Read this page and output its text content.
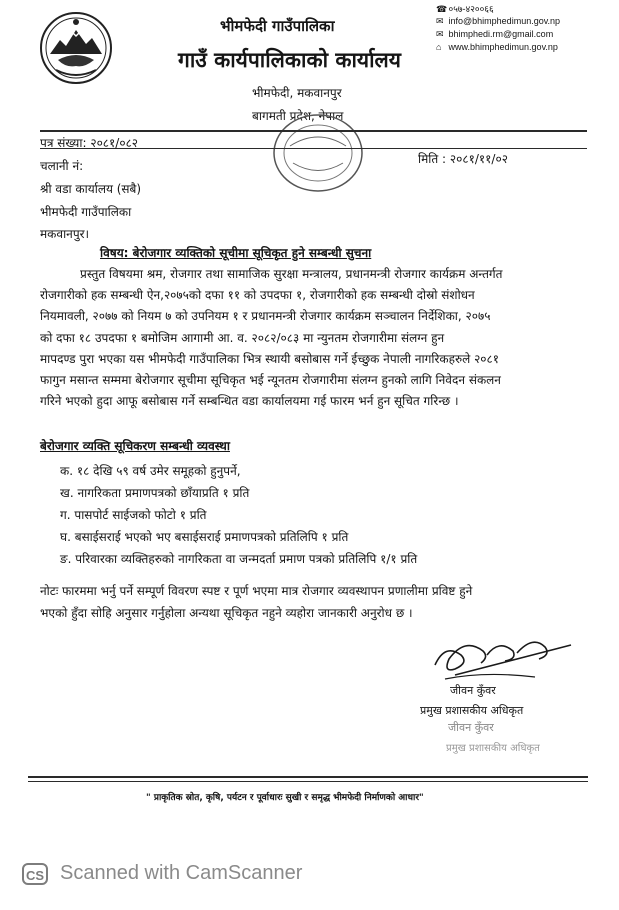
भीमफेदी गाउँपालिका
गाउँ कार्यपालिकाको कार्यालय
भीमफेदी, मकवानपुर
बागमती प्रदेश, नेपाल
☎ ०५७-४२००६६
✉ info@bhimphedimun.gov.np
✉ bhimphedi.rm@gmail.com
⌂ www.bhimphedimun.gov.np
पत्र संख्या: २०८१/०८२
चलानी नं:	मिति : २०८१/११/०२
श्री वडा कार्यालय (सबै)
भीमफेदी गाउँपालिका
मकवानपुर।
विषय: बेरोजगार व्यक्तिको सूचीमा सूचिकृत हुने सम्बन्धी सुचना
प्रस्तुत विषयमा श्रम, रोजगार तथा सामाजिक सुरक्षा मन्त्रालय, प्रधानमन्त्री रोजगार कार्यक्रम अन्तर्गत
रोजगारीको हक सम्बन्धी ऐन,२०७५को दफा ११ को उपदफा १, रोजगारीको हक सम्बन्धी दोस्रो संशोधन
नियमावली, २०७७ को नियम ७ को उपनियम १ र प्रधानमन्त्री रोजगार कार्यक्रम सञ्चालन निर्देशिका, २०७५
को दफा १८ उपदफा १ बमोजिम आगामी आ. व. २०८२/०८३ मा न्युनतम रोजगारीमा संलग्न हुन
मापदण्ड पुरा भएका यस भीमफेदी गाउँपालिका भित्र स्थायी बसोबास गर्ने ईच्छुक नेपाली नागरिकहरुले २०८१
फागुन मसान्त सम्ममा बेरोजगार सूचीमा सूचिकृत भई न्यूनतम रोजगारीमा संलग्न हुनको लागि निवेदन संकलन
गरिने भएको हुदा आफू बसोबास गर्ने सम्बन्धित वडा कार्यालयमा गई फारम भर्न हुन सूचित गरिन्छ ।
बेरोजगार व्यक्ति सूचिकरण सम्बन्धी व्यवस्था
क. १८ देखि ५९ वर्ष उमेर समूहको हुनुपर्ने,
ख. नागरिकता प्रमाणपत्रको छाँयाप्रति १ प्रति
ग. पासपोर्ट साईजको फोटो १ प्रति
घ. बसाईसराई भएको भए बसाईसराई प्रमाणपत्रको प्रतिलिपि १ प्रति
ङ. परिवारका व्यक्तिहरुको नागरिकता वा जन्मदर्ता प्रमाण पत्रको प्रतिलिपि १/१ प्रति
नोटः फारममा भर्नु पर्ने सम्पूर्ण विवरण स्पष्ट र पूर्ण भएमा मात्र रोजगार व्यवस्थापन प्रणालीमा प्रविष्ट हुने
भएको हुँदा सोहि अनुसार गर्नुहोला अन्यथा सूचिकृत नहुने व्यहोरा जानकारी अनुरोध छ ।
जीवन कुँवर
प्रमुख प्रशासकीय अधिकृत
जीवन कुँवर
प्रमुख प्रशासकीय अधिकृत
" प्राकृतिक स्रोत, कृषि, पर्यटन र पूर्वाधारः सुखी र समृद्ध भीमफेदी निर्माणको आधार"
CS Scanned with CamScanner
